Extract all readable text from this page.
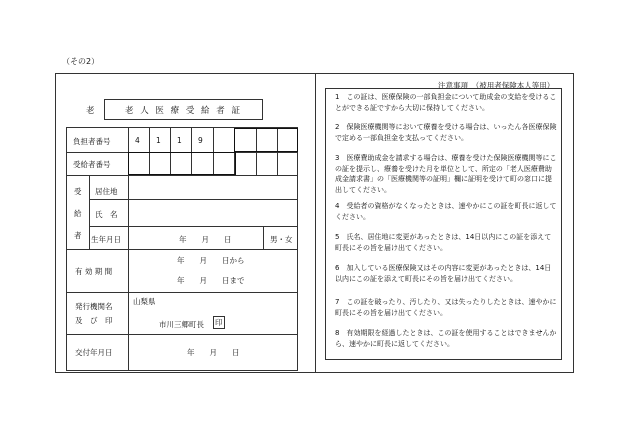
（その2）
老	老 人 医 療 受 給 者 証
負担者番号	4 1 1 9
受給者番号
受
給
者
居住地
氏　名
生年月日	年　　月　　日	男・女
有 効 期 間
年　　月　　日から
年　　月　　日まで
発行機関名
及　び　印
山梨県
市川三郷町長 印
交付年月日	年　　月　　日
注意事項　（被用者保険本人等用）
1　この証は、医療保険の一部負担金について助成金の支給を受けることができる証ですから大切に保持してください。
2　保険医療機関等において療養を受ける場合は、いったん各医療保険で定める一部負担金を支払ってください。
3　医療費助成金を請求する場合は、療養を受けた保険医療機関等にこの証を提示し、療養を受けた月を単位として、所定の「老人医療費助成金請求書」の「医療機関等の証明」欄に証明を受けて町の窓口に提出してください。
4　受給者の資格がなくなったときは、速やかにこの証を町長に返してください。
5　氏名、居住地に変更があったときは、14日以内にこの証を添えて町長にその旨を届け出てください。
6　加入している医療保険又はその内容に変更があったときは、14日以内にこの証を添えて町長にその旨を届け出てください。
7　この証を破ったり、汚したり、又は失ったりしたときは、速やかに町長にその旨を届け出てください。
8　有効期限を経過したときは、この証を使用することはできませんから、速やかに町長に返してください。
